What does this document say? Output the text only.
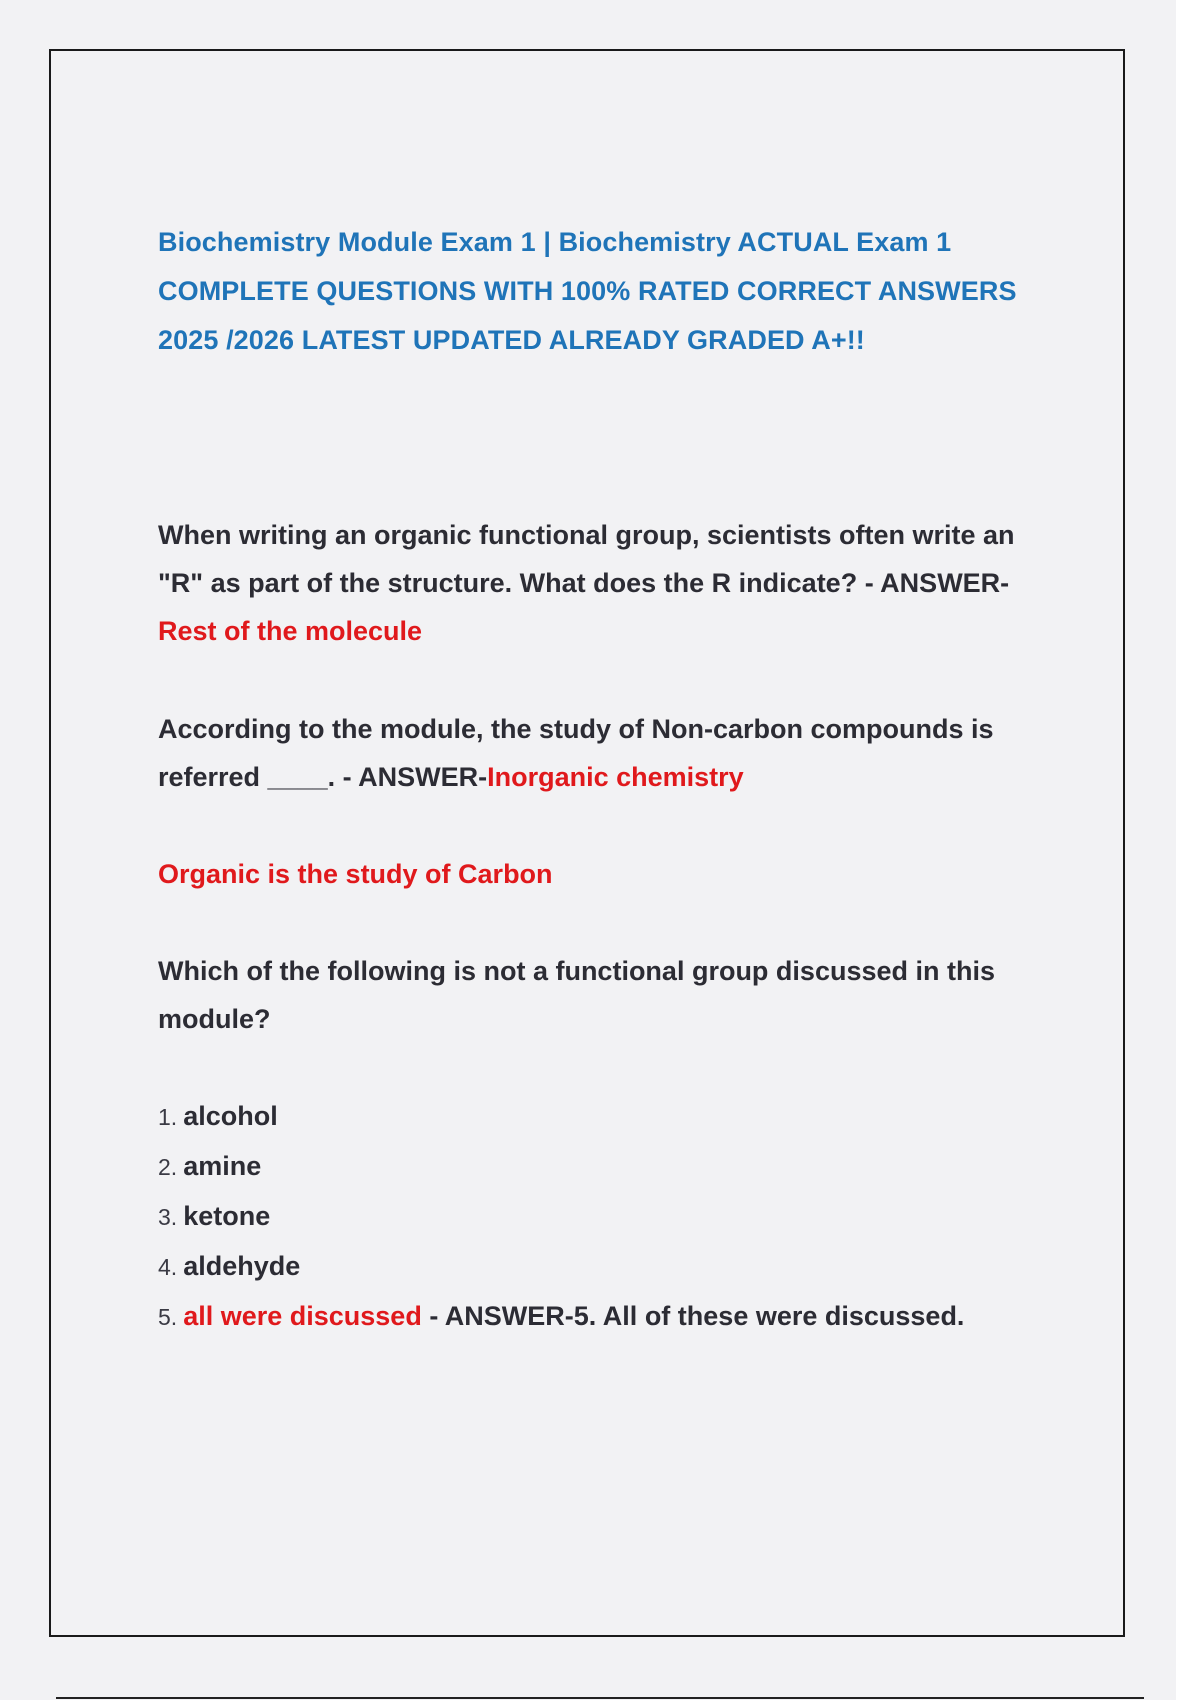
Biochemistry Module Exam 1 | Biochemistry ACTUAL Exam 1 COMPLETE QUESTIONS WITH 100% RATED CORRECT ANSWERS 2025 /2026 LATEST UPDATED ALREADY GRADED A+!!

When writing an organic functional group, scientists often write an "R" as part of the structure. What does the R indicate? - ANSWER-Rest of the molecule

According to the module, the study of Non-carbon compounds is referred ____. - ANSWER-Inorganic chemistry

Organic is the study of Carbon

Which of the following is not a functional group discussed in this module?

1. alcohol
2. amine
3. ketone
4. aldehyde
5. all were discussed - ANSWER-5. All of these were discussed.
